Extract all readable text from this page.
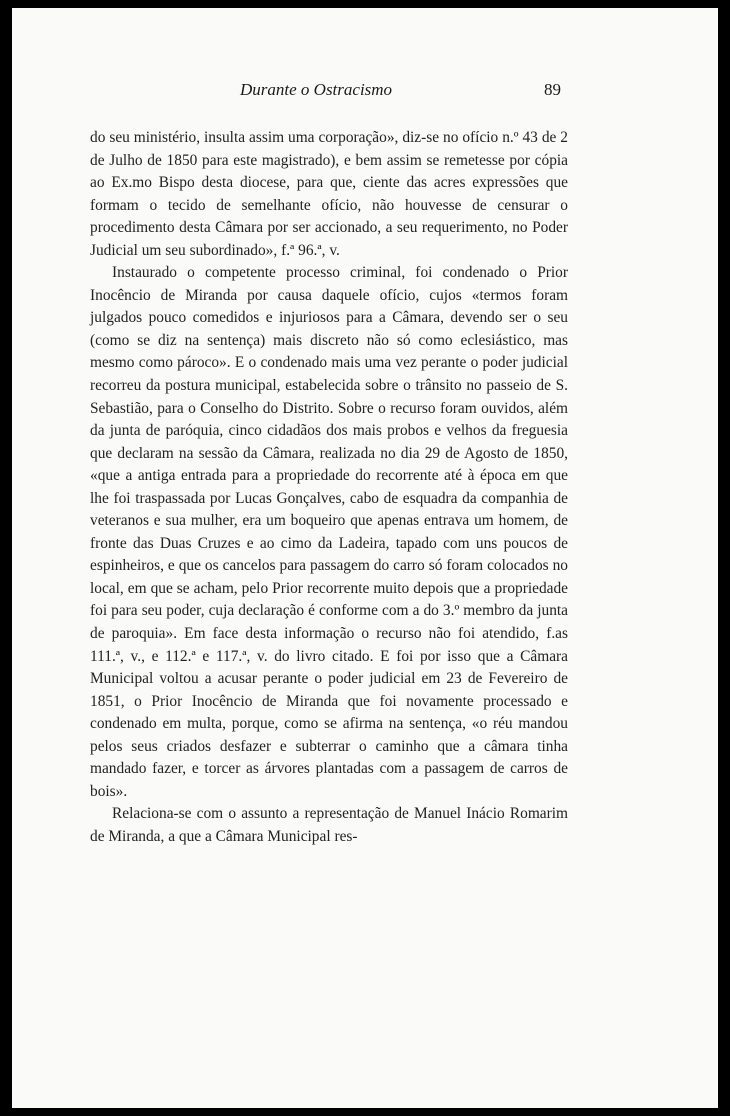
Durante o Ostracismo	89

do seu ministério, insulta assim uma corporação», diz-se no ofício n.º 43 de 2 de Julho de 1850 para este magistrado), e bem assim se remetesse por cópia ao Ex.mo Bispo desta diocese, para que, ciente das acres expressões que formam o tecido de semelhante ofício, não houvesse de censurar o procedimento desta Câmara por ser accionado, a seu requerimento, no Poder Judicial um seu subordinado», f.ª 96.ª, v.

Instaurado o competente processo criminal, foi condenado o Prior Inocêncio de Miranda por causa daquele ofício, cujos «termos foram julgados pouco comedidos e injuriosos para a Câmara, devendo ser o seu (como se diz na sentença) mais discreto não só como eclesiástico, mas mesmo como pároco». E o condenado mais uma vez perante o poder judicial recorreu da postura municipal, estabelecida sobre o trânsito no passeio de S. Sebastião, para o Conselho do Distrito. Sobre o recurso foram ouvidos, além da junta de paróquia, cinco cidadãos dos mais probos e velhos da freguesia que declaram na sessão da Câmara, realizada no dia 29 de Agosto de 1850, «que a antiga entrada para a propriedade do recorrente até à época em que lhe foi traspassada por Lucas Gonçalves, cabo de esquadra da companhia de veteranos e sua mulher, era um boqueiro que apenas entrava um homem, de fronte das Duas Cruzes e ao cimo da Ladeira, tapado com uns poucos de espinheiros, e que os cancelos para passagem do carro só foram colocados no local, em que se acham, pelo Prior recorrente muito depois que a propriedade foi para seu poder, cuja declaração é conforme com a do 3.º membro da junta de paroquia». Em face desta informação o recurso não foi atendido, f.as 111.ª, v., e 112.ª e 117.ª, v. do livro citado. E foi por isso que a Câmara Municipal voltou a acusar perante o poder judicial em 23 de Fevereiro de 1851, o Prior Inocêncio de Miranda que foi novamente processado e condenado em multa, porque, como se afirma na sentença, «o réu mandou pelos seus criados desfazer e subterrar o caminho que a câmara tinha mandado fazer, e torcer as árvores plantadas com a passagem de carros de bois».

Relaciona-se com o assunto a representação de Manuel Inácio Romarim de Miranda, a que a Câmara Municipal res-
